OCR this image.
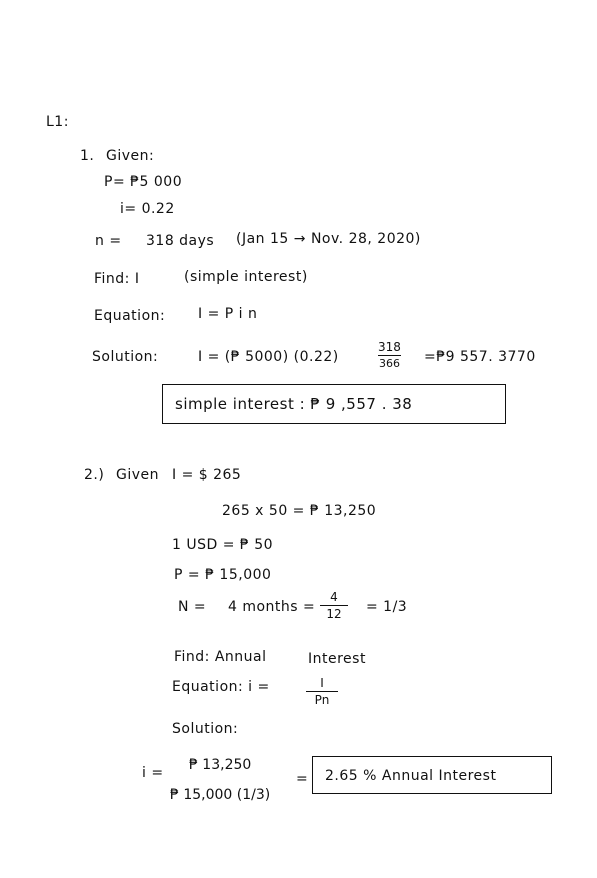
L1:
1. Given:
P= ₱5 000
i= 0.22
n = 318 days (Jan 15 → Nov. 28, 2020)
Find: I	(simple interest)
Equation: I = P i n
Solution:	I = (₱ 5000) (0.22)
318
366 =₱9 557. 3770
simple interest : ₱ 9 ,557 . 38
2.) Given I = $ 265
265 x 50 = ₱ 13,250
1 USD = ₱ 50
P = ₱ 15,000
N = 4 months =
4
12 = 1/3
Find: Annual	Interest
Equation: i =	I
Pn
Solution:
i = ₱ 13,250
₱ 15,000 (1/3)
= 2.65 % Annual Interest
